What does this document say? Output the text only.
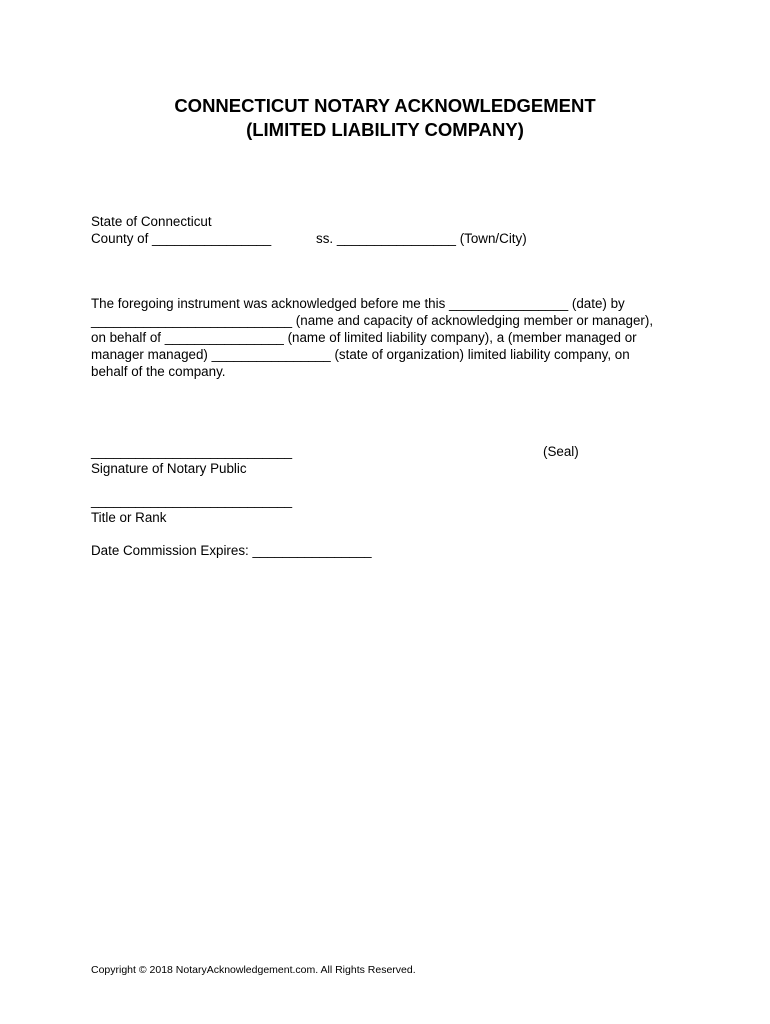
CONNECTICUT NOTARY ACKNOWLEDGEMENT
(LIMITED LIABILITY COMPANY)

State of Connecticut

County of ________________	ss. ________________ (Town/City)

The foregoing instrument was acknowledged before me this ________________ (date) by

___________________________ (name and capacity of acknowledging member or manager),

on behalf of ________________ (name of limited liability company), a (member managed or

manager managed) ________________ (state of organization) limited liability company, on

behalf of the company.

___________________________	(Seal)

Signature of Notary Public

___________________________

Title or Rank

Date Commission Expires: ________________

Copyright © 2018 NotaryAcknowledgement.com. All Rights Reserved.
